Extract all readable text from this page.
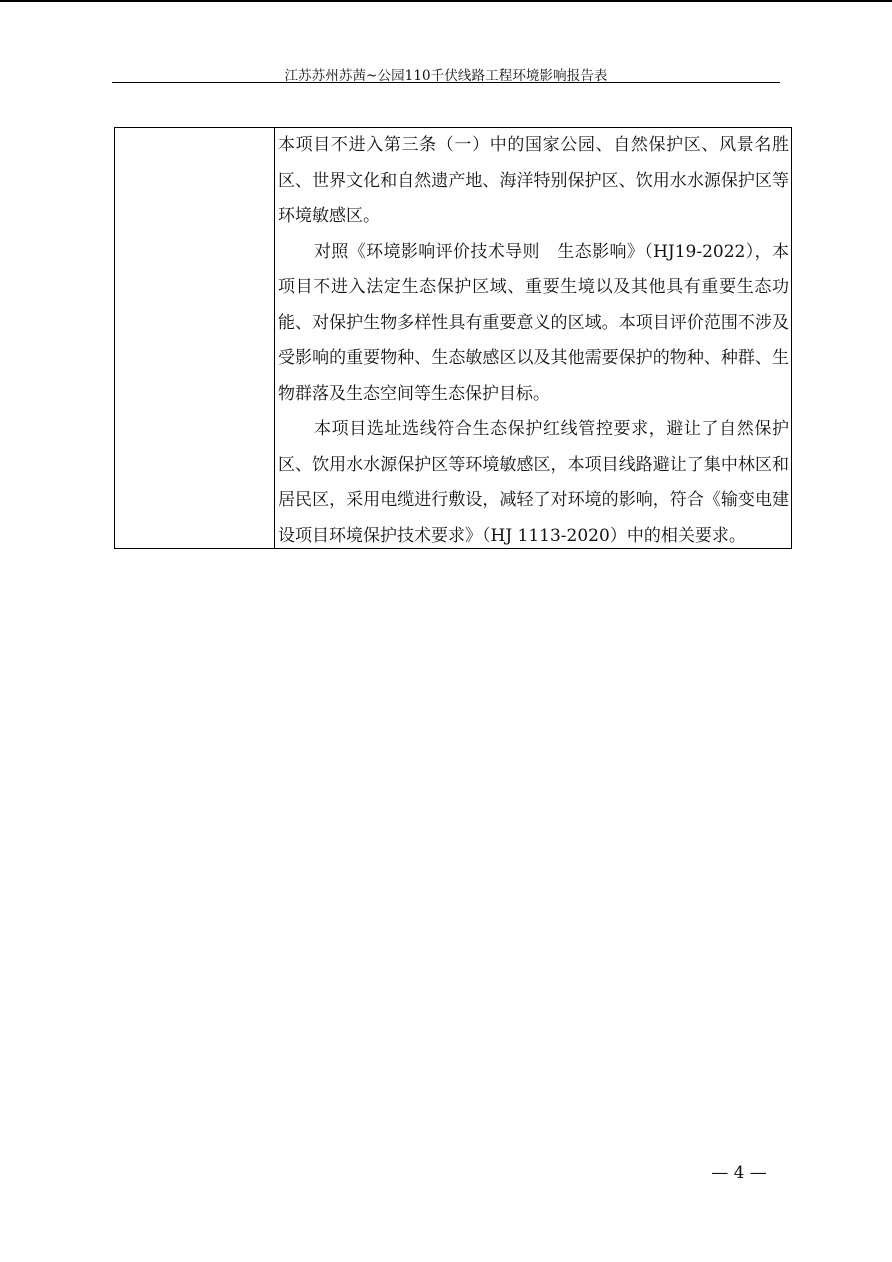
江苏苏州苏茜~公园110千伏线路工程环境影响报告表

本项目不进入第三条（一）中的国家公园、自然保护区、风景名胜区、世界文化和自然遗产地、海洋特别保护区、饮用水水源保护区等环境敏感区。

对照《环境影响评价技术导则　生态影响》（HJ19-2022），本项目不进入法定生态保护区域、重要生境以及其他具有重要生态功能、对保护生物多样性具有重要意义的区域。本项目评价范围不涉及受影响的重要物种、生态敏感区以及其他需要保护的物种、种群、生物群落及生态空间等生态保护目标。

本项目选址选线符合生态保护红线管控要求，避让了自然保护区、饮用水水源保护区等环境敏感区，本项目线路避让了集中林区和居民区，采用电缆进行敷设，减轻了对环境的影响，符合《输变电建设项目环境保护技术要求》（HJ 1113-2020）中的相关要求。

— 4 —
